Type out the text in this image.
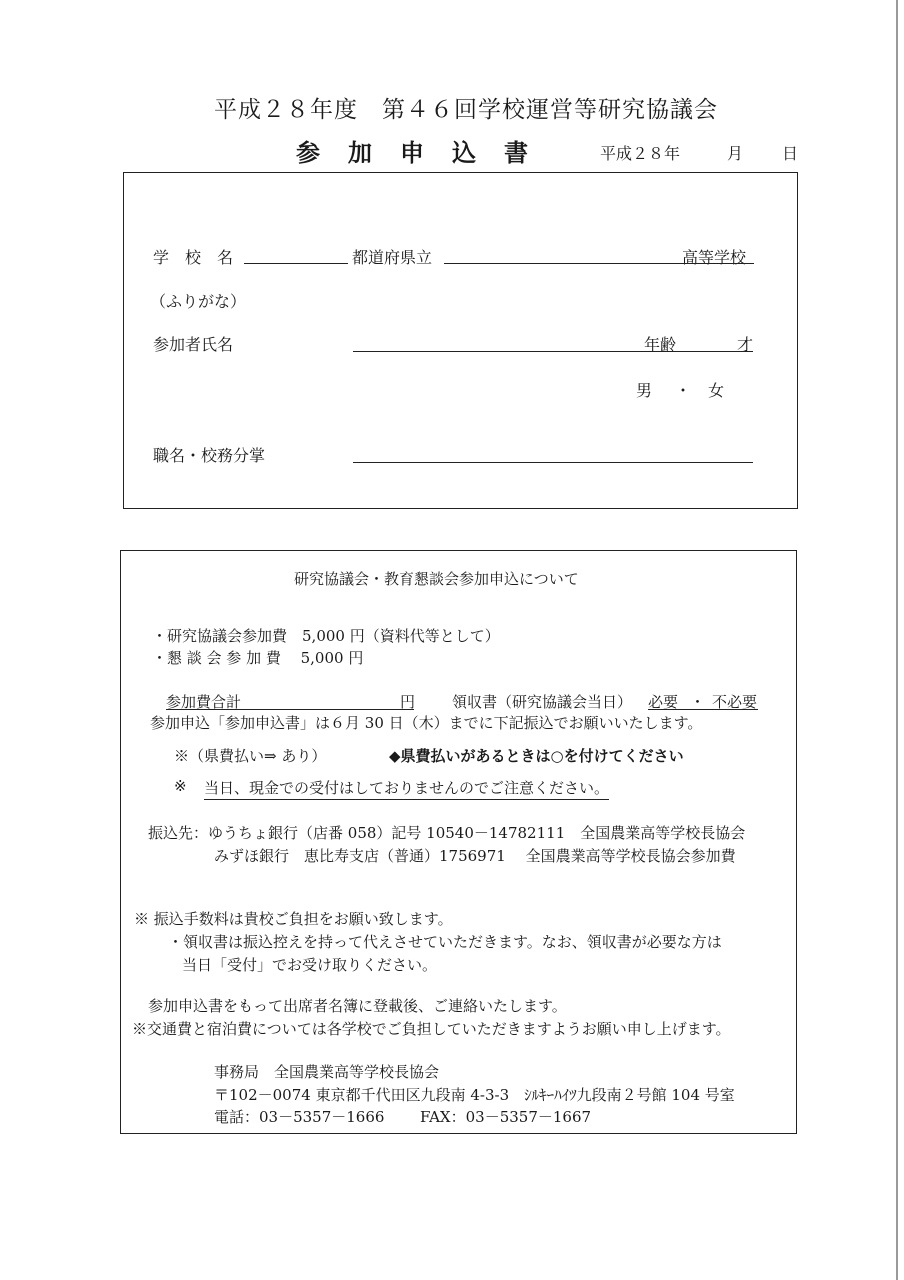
平成２８年度　第４６回学校運営等研究協議会
参加申込書	平成２８年	月 日
学　校　名	都道府県立	高等学校
（ふりがな）
参加者氏名	年齢	才
男 ・ 女
職名・校務分掌
研究協議会・教育懇談会参加申込について
・研究協議会参加費　5,000 円（資料代等として）
・懇 談 会 参 加 費　 5,000 円
参加費合計	円 領収書（研究協議会当日） 必要 ・ 不必要
参加申込「参加申込書」は６月 30 日（木）までに下記振込でお願いいたします。
※（県費払い⇒ あり）	◆県費払いがあるときは○を付けてください
※ 当日、現金での受付はしておりませんのでご注意ください。
振込先：ゆうちょ銀行（店番 058）記号 10540－14782111　全国農業高等学校長協会
みずほ銀行　恵比寿支店（普通）1756971　 全国農業高等学校長協会参加費
※ 振込手数料は貴校ご負担をお願い致します。
・領収書は振込控えを持って代えさせていただきます。なお、領収書が必要な方は
当日「受付」でお受け取りください。
参加申込書をもって出席者名簿に登載後、ご連絡いたします。
※交通費と宿泊費については各学校でご負担していただきますようお願い申し上げます。
事務局　全国農業高等学校長協会
〒102－0074 東京都千代田区九段南 4-3-3　ｼﾙｷｰﾊｲﾂ九段南２号館 104 号室
電話：03－5357－1666 FAX：03－5357－1667
